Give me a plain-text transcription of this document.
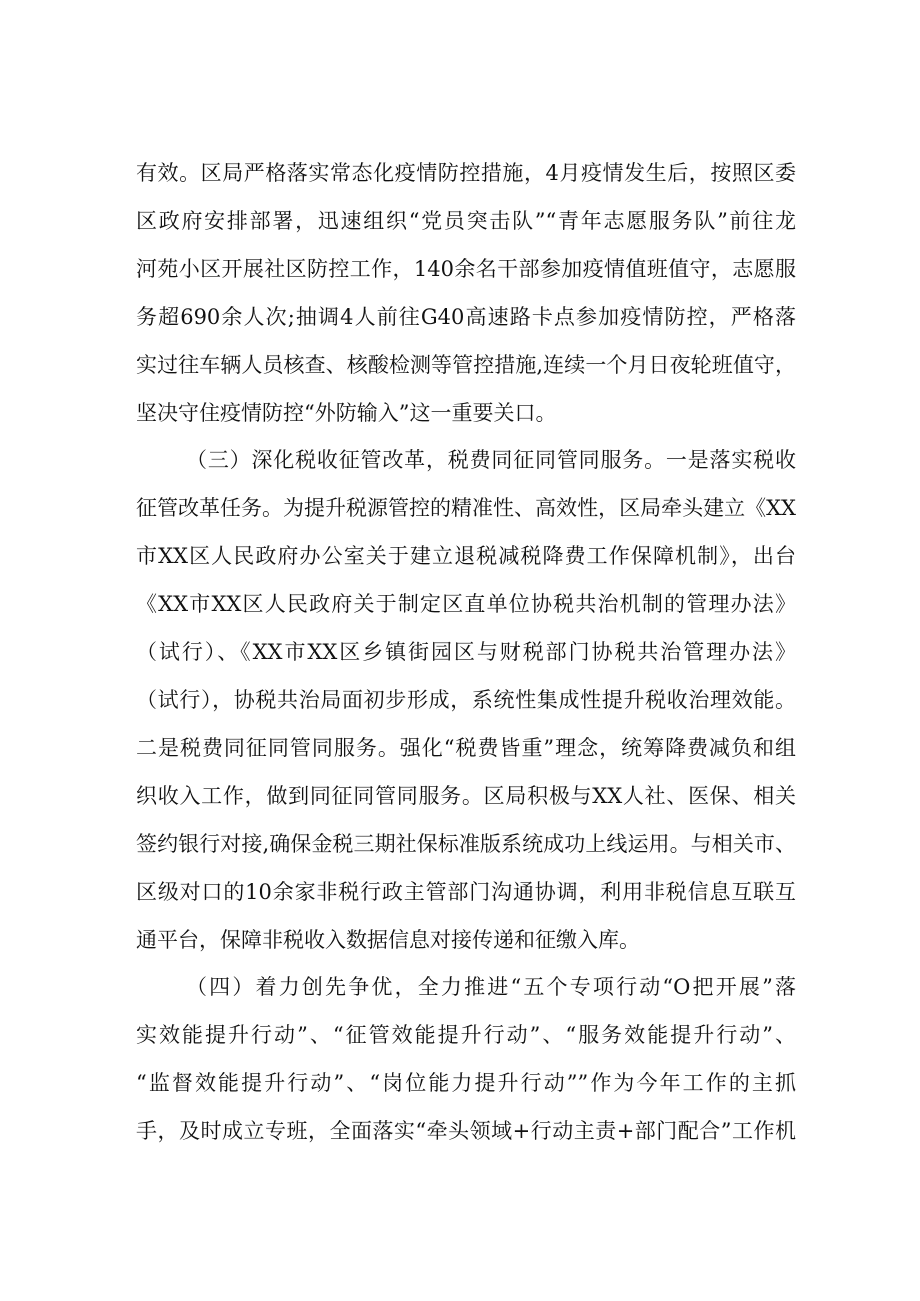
有效。区局严格落实常态化疫情防控措施，4月疫情发生后，按照区委
区政府安排部署，迅速组织“党员突击队”“青年志愿服务队”前往龙
河苑小区开展社区防控工作，140余名干部参加疫情值班值守，志愿服
务超690余人次;抽调4人前往G40高速路卡点参加疫情防控，严格落
实过往车辆人员核查、核酸检测等管控措施,连续一个月日夜轮班值守，
坚决守住疫情防控“外防输入”这一重要关口。
（三）深化税收征管改革，税费同征同管同服务。一是落实税收
征管改革任务。为提升税源管控的精准性、高效性，区局牵头建立《XX
市XX区人民政府办公室关于建立退税减税降费工作保障机制》，出台
《XX市XX区人民政府关于制定区直单位协税共治机制的管理办法》
（试行）、《XX市XX区乡镇街园区与财税部门协税共治管理办法》
（试行），协税共治局面初步形成，系统性集成性提升税收治理效能。
二是税费同征同管同服务。强化“税费皆重”理念，统筹降费减负和组
织收入工作，做到同征同管同服务。区局积极与XX人社、医保、相关
签约银行对接,确保金税三期社保标准版系统成功上线运用。与相关市、
区级对口的10余家非税行政主管部门沟通协调，利用非税信息互联互
通平台，保障非税收入数据信息对接传递和征缴入库。
（四）着力创先争优，全力推进“五个专项行动“O把开展”落
实效能提升行动”、“征管效能提升行动”、“服务效能提升行动”、
“监督效能提升行动”、“岗位能力提升行动””作为今年工作的主抓
手，及时成立专班，全面落实“牵头领域+行动主责+部门配合”工作机
